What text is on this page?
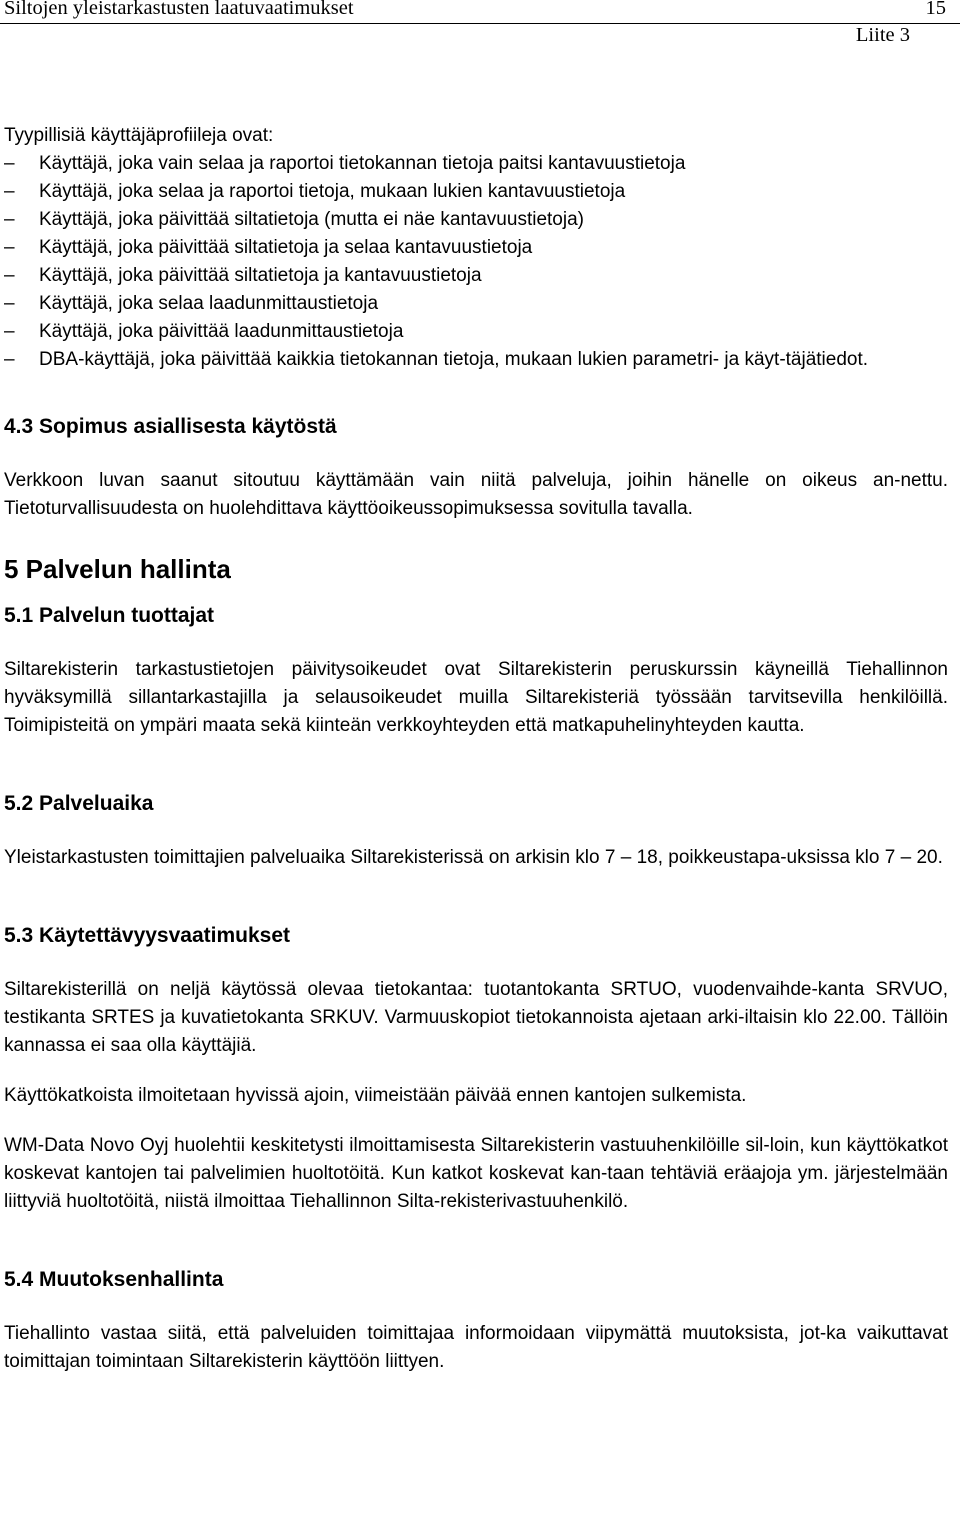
Siltojen yleistarkastusten laatuvaatimukset	15
Liite 3
Tyypillisiä käyttäjäprofiileja ovat:
– Käyttäjä, joka vain selaa ja raportoi tietokannan tietoja paitsi kantavuustietoja
– Käyttäjä, joka selaa ja raportoi tietoja, mukaan lukien kantavuustietoja
– Käyttäjä, joka päivittää siltatietoja (mutta ei näe kantavuustietoja)
– Käyttäjä, joka päivittää siltatietoja ja selaa kantavuustietoja
– Käyttäjä, joka päivittää siltatietoja ja kantavuustietoja
– Käyttäjä, joka selaa laadunmittaustietoja
– Käyttäjä, joka päivittää laadunmittaustietoja
– DBA-käyttäjä, joka päivittää kaikkia tietokannan tietoja, mukaan lukien parametri- ja käyt-täjätiedot.
4.3 Sopimus asiallisesta käytöstä

Verkkoon luvan saanut sitoutuu käyttämään vain niitä palveluja, joihin hänelle on oikeus an-nettu. Tietoturvallisuudesta on huolehdittava käyttöoikeussopimuksessa sovitulla tavalla.

5 Palvelun hallinta
5.1 Palvelun tuottajat

Siltarekisterin tarkastustietojen päivitysoikeudet ovat Siltarekisterin peruskurssin käyneillä Tiehallinnon hyväksymillä sillantarkastajilla ja selausoikeudet muilla Siltarekisteriä työssään tarvitsevilla henkilöillä. Toimipisteitä on ympäri maata sekä kiinteän verkkoyhteyden että matkapuhelinyhteyden kautta.

5.2 Palveluaika

Yleistarkastusten toimittajien palveluaika Siltarekisterissä on arkisin klo 7 – 18, poikkeustapa-uksissa klo 7 – 20.

5.3 Käytettävyysvaatimukset

Siltarekisterillä on neljä käytössä olevaa tietokantaa: tuotantokanta SRTUO, vuodenvaihde-kanta SRVUO, testikanta SRTES ja kuvatietokanta SRKUV. Varmuuskopiot tietokannoista ajetaan arki-iltaisin klo 22.00. Tällöin kannassa ei saa olla käyttäjiä.

Käyttökatkoista ilmoitetaan hyvissä ajoin, viimeistään päivää ennen kantojen sulkemista.

WM-Data Novo Oyj huolehtii keskitetysti ilmoittamisesta Siltarekisterin vastuuhenkilöille sil-loin, kun käyttökatkot koskevat kantojen tai palvelimien huoltotöitä. Kun katkot koskevat kan-taan tehtäviä eräajoja ym. järjestelmään liittyviä huoltotöitä, niistä ilmoittaa Tiehallinnon Silta-rekisterivastuuhenkilö.

5.4 Muutoksenhallinta

Tiehallinto vastaa siitä, että palveluiden toimittajaa informoidaan viipymättä muutoksista, jot-ka vaikuttavat toimittajan toimintaan Siltarekisterin käyttöön liittyen.
